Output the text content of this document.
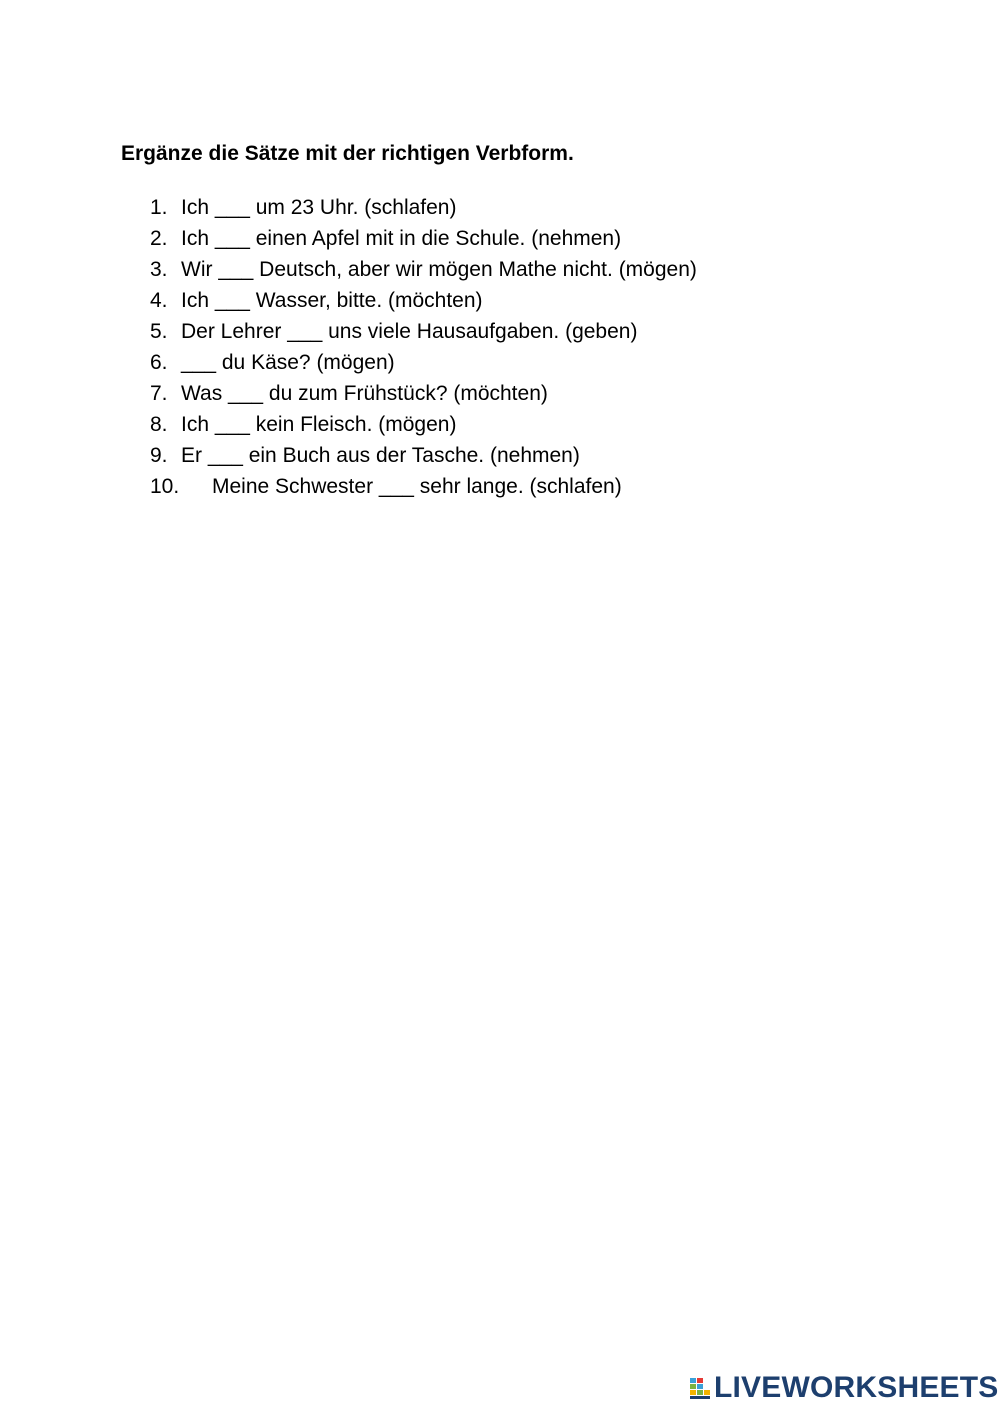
Ergänze die Sätze mit der richtigen Verbform.
1. Ich ___ um 23 Uhr. (schlafen)
2. Ich ___ einen Apfel mit in die Schule. (nehmen)
3. Wir ___ Deutsch, aber wir mögen Mathe nicht. (mögen)
4. Ich ___ Wasser, bitte. (möchten)
5. Der Lehrer ___ uns viele Hausaufgaben. (geben)
6. ___ du Käse? (mögen)
7. Was ___ du zum Frühstück? (möchten)
8. Ich ___ kein Fleisch. (mögen)
9. Er ___ ein Buch aus der Tasche. (nehmen)
10.	Meine Schwester ___ sehr lange. (schlafen)
LIVEWORKSHEETS
